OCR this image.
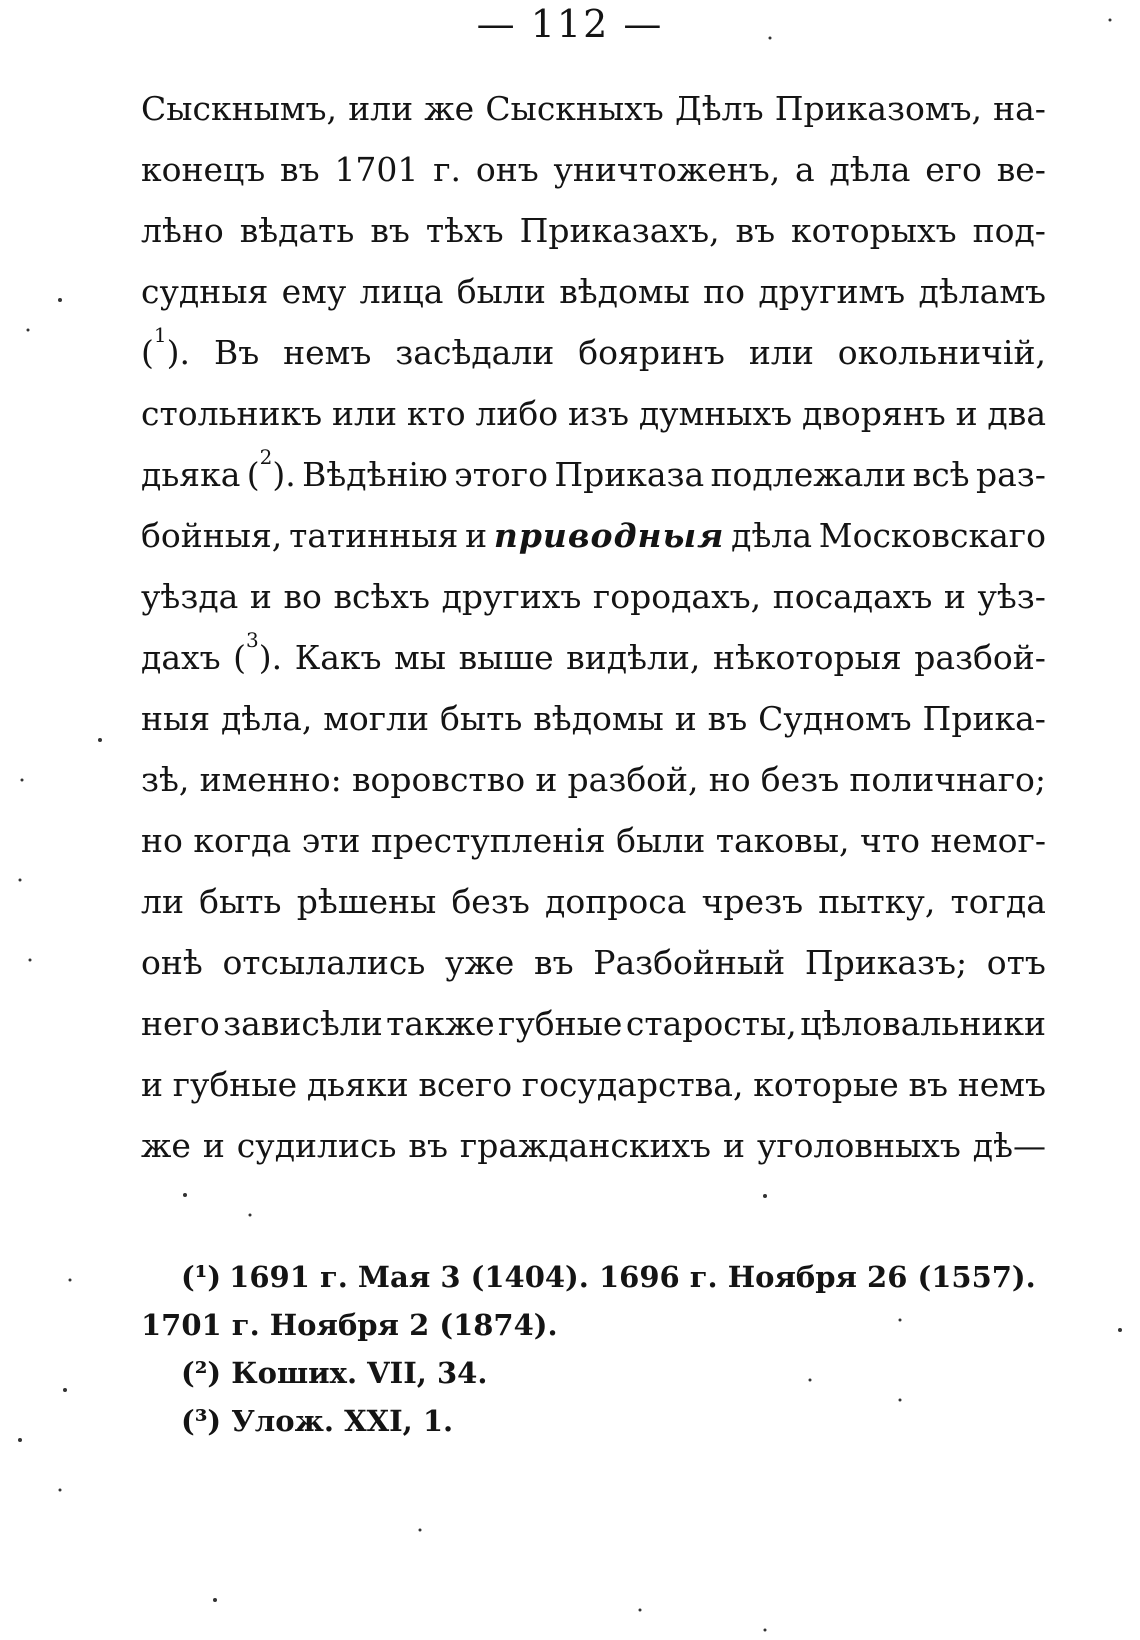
— 112 —
Сыскнымъ, или же Сыскныхъ Дѣлъ Приказомъ, на-
конецъ въ 1701 г. онъ уничтоженъ, а дѣла его ве-
лѣно вѣдать въ тѣхъ Приказахъ, въ которыхъ под-
судныя ему лица были вѣдомы по другимъ дѣламъ
($^1$). Въ немъ засѣдали бояринъ или окольничій,
стольникъ или кто либо изъ думныхъ дворянъ и два
дьяка ($^2$). Вѣдѣнію этого Приказа подлежали всѣ раз-
бойныя, татинныя и приводныя дѣла Московскаго
уѣзда и во всѣхъ другихъ городахъ, посадахъ и уѣз-
дахъ ($^3$). Какъ мы выше видѣли, нѣкоторыя разбой-
ныя дѣла, могли быть вѣдомы и въ Судномъ Прика-
зѣ, именно: воровство и разбой, но безъ поличнаго;
но когда эти преступленія были таковы, что немог-
ли быть рѣшены безъ допроса чрезъ пытку, тогда
онѣ отсылались уже въ Разбойный Приказъ; отъ
него зависѣли также губные старосты, цѣловальники
и губные дьяки всего государства, которые въ немъ
же и судились въ гражданскихъ и уголовныхъ дѣ—
(¹) 1691 г. Мая 3 (1404). 1696 г. Ноября 26 (1557).
1701 г. Ноября 2 (1874).
(²) Коших. VII, 34.
(³) Улож. XXI, 1.
